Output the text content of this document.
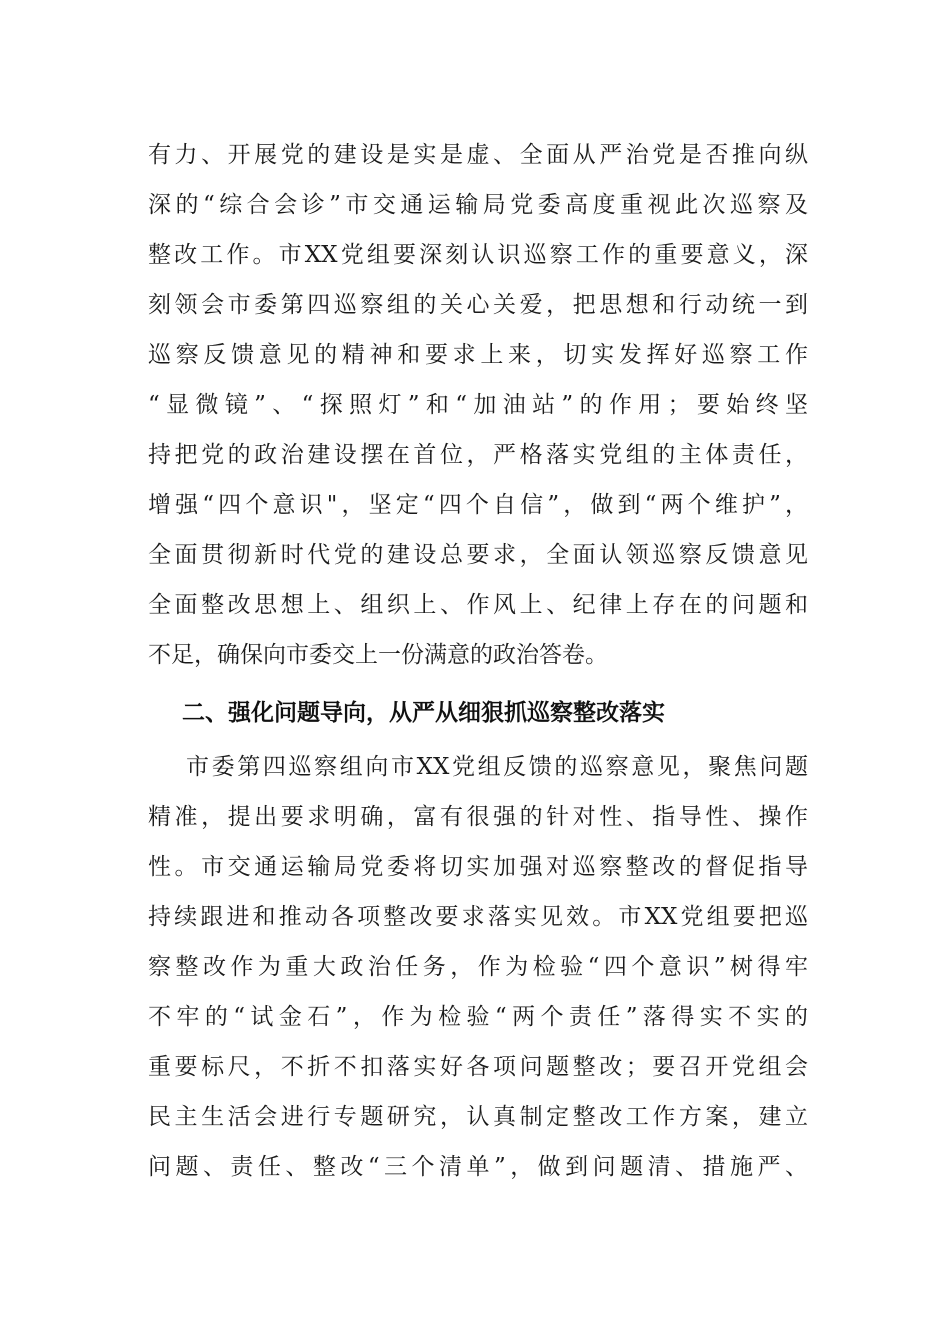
有力、开展党的建设是实是虚、全面从严治党是否推向纵
深的“综合会诊”市交通运输局党委高度重视此次巡察及
整改工作。市XX党组要深刻认识巡察工作的重要意义，深
刻领会市委第四巡察组的关心关爱，把思想和行动统一到
巡察反馈意见的精神和要求上来，切实发挥好巡察工作
“显微镜”、“探照灯”和“加油站”的作用；要始终坚
持把党的政治建设摆在首位，严格落实党组的主体责任，
增强“四个意识"，坚定“四个自信”，做到“两个维护”，
全面贯彻新时代党的建设总要求，全面认领巡察反馈意见
全面整改思想上、组织上、作风上、纪律上存在的问题和
不足，确保向市委交上一份满意的政治答卷。
二、强化问题导向，从严从细狠抓巡察整改落实
市委第四巡察组向市XX党组反馈的巡察意见，聚焦问题
精准，提出要求明确，富有很强的针对性、指导性、操作
性。市交通运输局党委将切实加强对巡察整改的督促指导
持续跟进和推动各项整改要求落实见效。市XX党组要把巡
察整改作为重大政治任务，作为检验“四个意识”树得牢
不牢的“试金石”，作为检验“两个责任”落得实不实的
重要标尺，不折不扣落实好各项问题整改；要召开党组会
民主生活会进行专题研究，认真制定整改工作方案，建立
问题、责任、整改“三个清单”，做到问题清、措施严、
